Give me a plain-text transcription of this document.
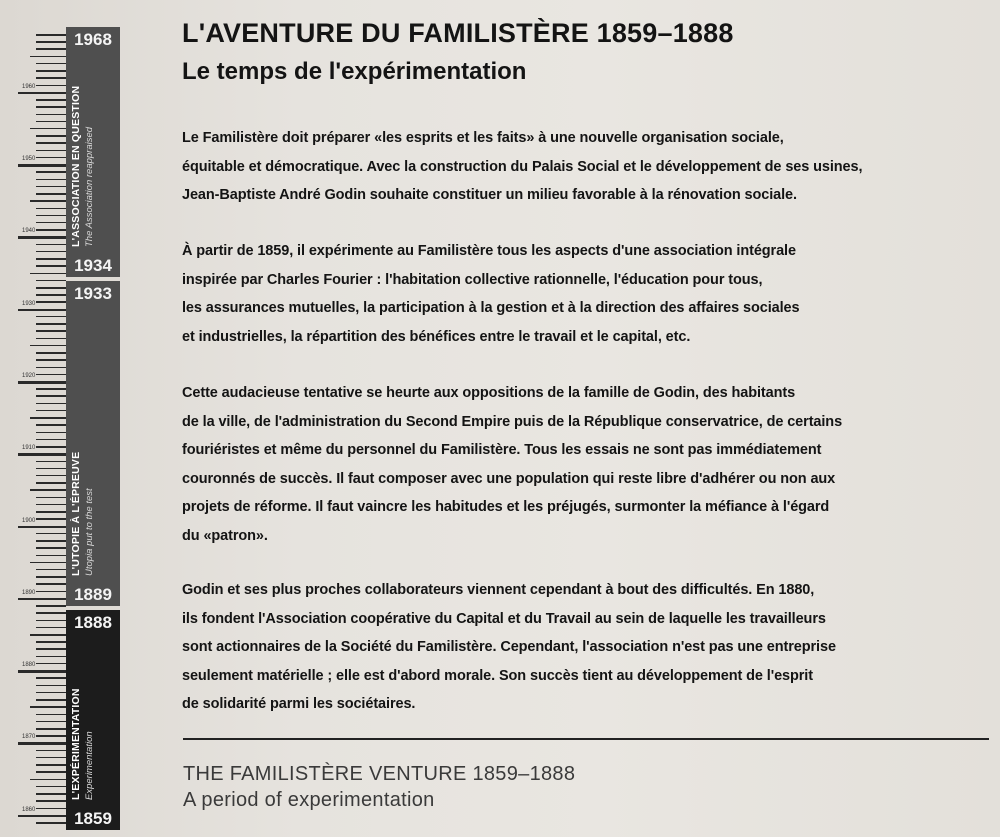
1960
1950
1940
1930
1920
1910
1900
1890
1880
1870
1860
1968
L'ASSOCIATION EN QUESTION The Association reappraised
1934
1933
L'UTOPIE À L'ÉPREUVE Utopia put to the test
1889
1888
L'EXPÉRIMENTATION Experimentation
1859
L'AVENTURE DU FAMILISTÈRE 1859–1888
Le temps de l'expérimentation

Le Familistère doit préparer «les esprits et les faits» à une nouvelle organisation sociale,
équitable et démocratique. Avec la construction du Palais Social et le développement de ses usines,
Jean-Baptiste André Godin souhaite constituer un milieu favorable à la rénovation sociale.

À partir de 1859, il expérimente au Familistère tous les aspects d'une association intégrale
inspirée par Charles Fourier : l'habitation collective rationnelle, l'éducation pour tous,
les assurances mutuelles, la participation à la gestion et à la direction des affaires sociales
et industrielles, la répartition des bénéfices entre le travail et le capital, etc.

Cette audacieuse tentative se heurte aux oppositions de la famille de Godin, des habitants
de la ville, de l'administration du Second Empire puis de la République conservatrice, de certains
fouriéristes et même du personnel du Familistère. Tous les essais ne sont pas immédiatement
couronnés de succès. Il faut composer avec une population qui reste libre d'adhérer ou non aux
projets de réforme. Il faut vaincre les habitudes et les préjugés, surmonter la méfiance à l'égard
du «patron».

Godin et ses plus proches collaborateurs viennent cependant à bout des difficultés. En 1880,
ils fondent l'Association coopérative du Capital et du Travail au sein de laquelle les travailleurs
sont actionnaires de la Société du Familistère. Cependant, l'association n'est pas une entreprise
seulement matérielle ; elle est d'abord morale. Son succès tient au développement de l'esprit
de solidarité parmi les sociétaires.

THE FAMILISTÈRE VENTURE 1859–1888
A period of experimentation
